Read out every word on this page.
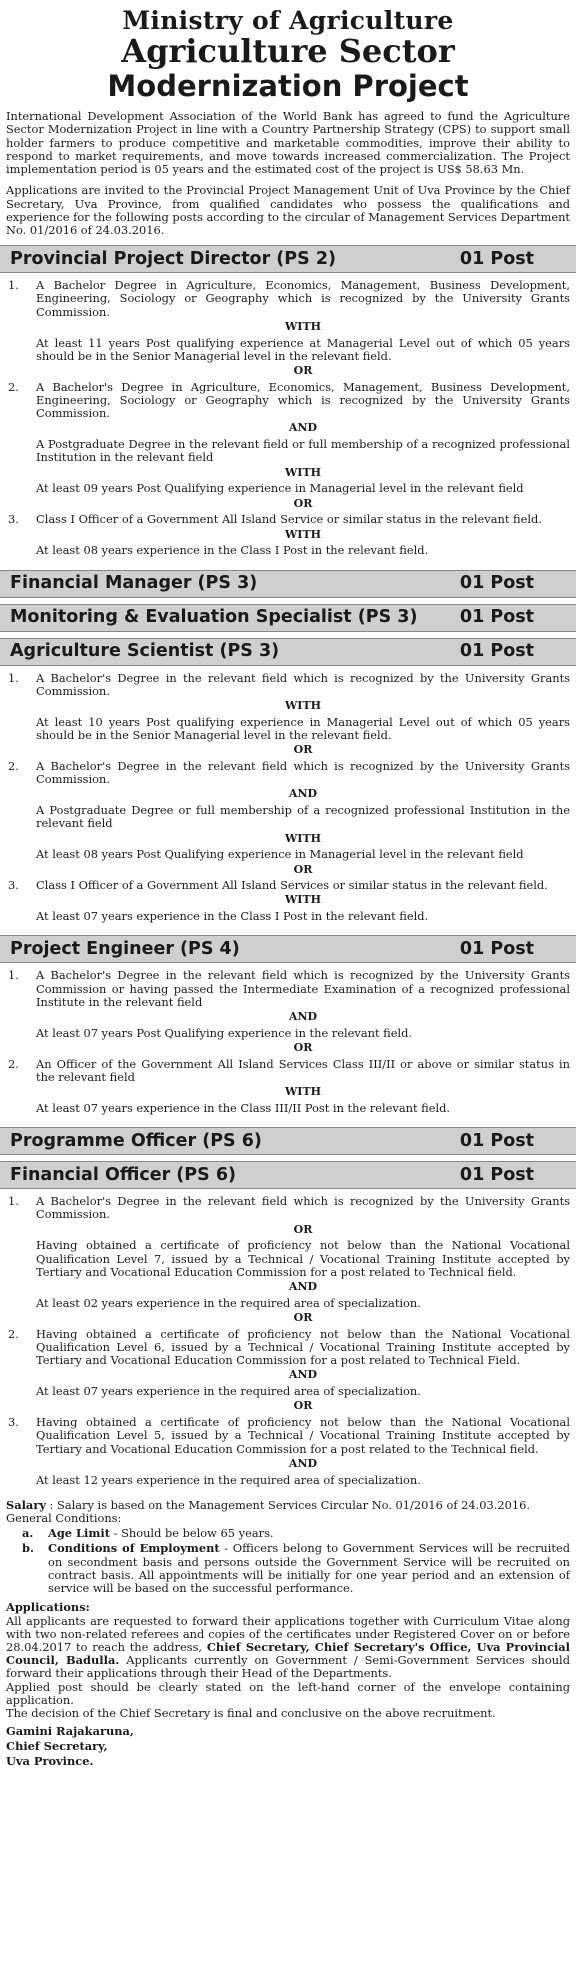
Ministry of Agriculture
Agriculture Sector
Modernization Project

International Development Association of the World Bank has agreed to fund the Agriculture Sector Modernization Project in line with a Country Partnership Strategy (CPS) to support small holder farmers to produce competitive and marketable commodities, improve their ability to respond to market requirements, and move towards increased commercialization. The Project implementation period is 05 years and the estimated cost of the project is US$ 58.63 Mn.

Applications are invited to the Provincial Project Management Unit of Uva Province by the Chief Secretary, Uva Province, from qualified candidates who possess the qualifications and experience for the following posts according to the circular of Management Services Department No. 01/2016 of 24.03.2016.

Provincial Project Director (PS 2)	01 Post
1.	A Bachelor Degree in Agriculture, Economics, Management, Business Development, Engineering, Sociology or Geography which is recognized by the University Grants Commission.
WITH
At least 11 years Post qualifying experience at Managerial Level out of which 05 years should be in the Senior Managerial level in the relevant field.
OR
2.	A Bachelor's Degree in Agriculture, Economics, Management, Business Development, Engineering, Sociology or Geography which is recognized by the University Grants Commission.
AND
A Postgraduate Degree in the relevant field or full membership of a recognized professional Institution in the relevant field
WITH
At least 09 years Post Qualifying experience in Managerial level in the relevant field
OR
3.	Class I Officer of a Government All Island Service or similar status in the relevant field.
WITH
At least 08 years experience in the Class I Post in the relevant field.
Financial Manager (PS 3)	01 Post
Monitoring & Evaluation Specialist (PS 3) 01 Post
Agriculture Scientist (PS 3)	01 Post
1.	A Bachelor's Degree in the relevant field which is recognized by the University Grants Commission.
WITH
At least 10 years Post qualifying experience in Managerial Level out of which 05 years should be in the Senior Managerial level in the relevant field.
OR
2.	A Bachelor's Degree in the relevant field which is recognized by the University Grants Commission.
AND
A Postgraduate Degree or full membership of a recognized professional Institution in the relevant field
WITH
At least 08 years Post Qualifying experience in Managerial level in the relevant field
OR
3.	Class I Officer of a Government All Island Services or similar status in the relevant field.
WITH
At least 07 years experience in the Class I Post in the relevant field.
Project Engineer (PS 4)	01 Post
1.	A Bachelor's Degree in the relevant field which is recognized by the University Grants Commission or having passed the Intermediate Examination of a recognized professional Institute in the relevant field
AND
At least 07 years Post Qualifying experience in the relevant field.
OR
2.	An Officer of the Government All Island Services Class III/II or above or similar status in the relevant field
WITH
At least 07 years experience in the Class III/II Post in the relevant field.
Programme Officer (PS 6)	01 Post
Financial Officer (PS 6)	01 Post
1.	A Bachelor's Degree in the relevant field which is recognized by the University Grants Commission.
OR
Having obtained a certificate of proficiency not below than the National Vocational Qualification Level 7, issued by a Technical / Vocational Training Institute accepted by Tertiary and Vocational Education Commission for a post related to Technical field.
AND
At least 02 years experience in the required area of specialization.
OR
2.	Having obtained a certificate of proficiency not below than the National Vocational Qualification Level 6, issued by a Technical / Vocational Training Institute accepted by Tertiary and Vocational Education Commission for a post related to Technical Field.
AND
At least 07 years experience in the required area of specialization.
OR
3.	Having obtained a certificate of proficiency not below than the National Vocational Qualification Level 5, issued by a Technical / Vocational Training Institute accepted by Tertiary and Vocational Education Commission for a post related to the Technical field.
AND
At least 12 years experience in the required area of specialization.
Salary : Salary is based on the Management Services Circular No. 01/2016 of 24.03.2016.
General Conditions:
a.	Age Limit - Should be below 65 years.
b.	Conditions of Employment - Officers belong to Government Services will be recruited on secondment basis and persons outside the Government Service will be recruited on contract basis. All appointments will be initially for one year period and an extension of service will be based on the successful performance.
Applications:

All applicants are requested to forward their applications together with Curriculum Vitae along with two non-related referees and copies of the certificates under Registered Cover on or before 28.04.2017 to reach the address, Chief Secretary, Chief Secretary's Office, Uva Provincial Council, Badulla. Applicants currently on Government / Semi-Government Services should forward their applications through their Head of the Departments.

Applied post should be clearly stated on the left-hand corner of the envelope containing application.

The decision of the Chief Secretary is final and conclusive on the above recruitment.

Gamini Rajakaruna,
Chief Secretary,
Uva Province.
